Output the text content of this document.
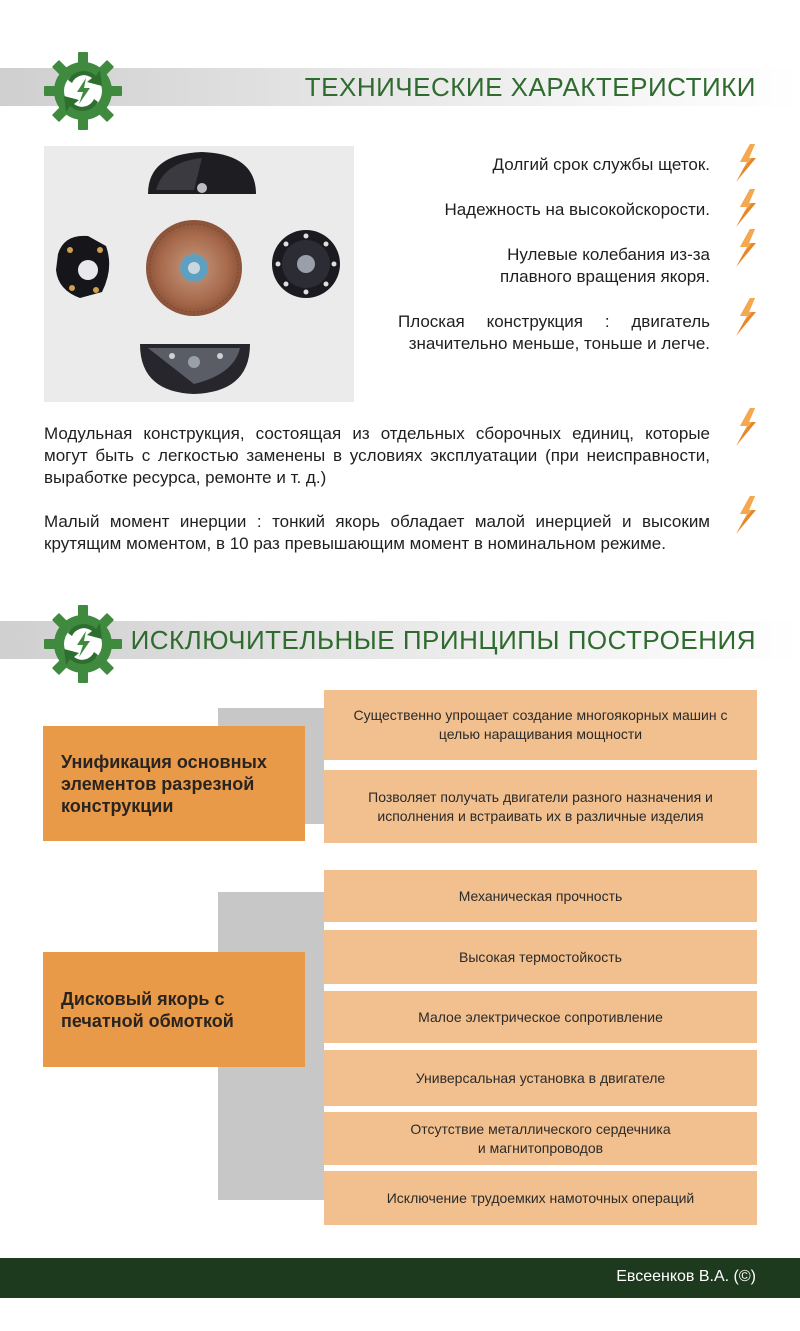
ТЕХНИЧЕСКИЕ ХАРАКТЕРИСТИКИ
Долгий срок службы щеток.
Надежность на высокойскорости.
Нулевые колебания из-за
плавного вращения якоря.
Плоская конструкция : двигатель значительно меньше, тоньше и легче.
Модульная конструкция, состоящая из отдельных сборочных единиц, которые могут быть с легкостью заменены в условиях эксплуатации (при неисправности, выработке ресурса, ремонте и т. д.)
Малый момент инерции : тонкий якорь обладает малой инерцией и высоким крутящим моментом, в 10 раз превышающим момент в номинальном режиме.
ИСКЛЮЧИТЕЛЬНЫЕ ПРИНЦИПЫ ПОСТРОЕНИЯ
Унификация основных элементов разрезной конструкции
Существенно упрощает создание многоякорных машин с целью наращивания мощности
Позволяет получать двигатели разного назначения и исполнения и встраивать их в различные изделия
Дисковый якорь с печатной обмоткой
Механическая прочность
Высокая термостойкость
Малое электрическое сопротивление
Универсальная установка в двигателе
Отсутствие металлического сердечника
и магнитопроводов
Исключение трудоемких намоточных операций
Евсеенков В.А. (©)
